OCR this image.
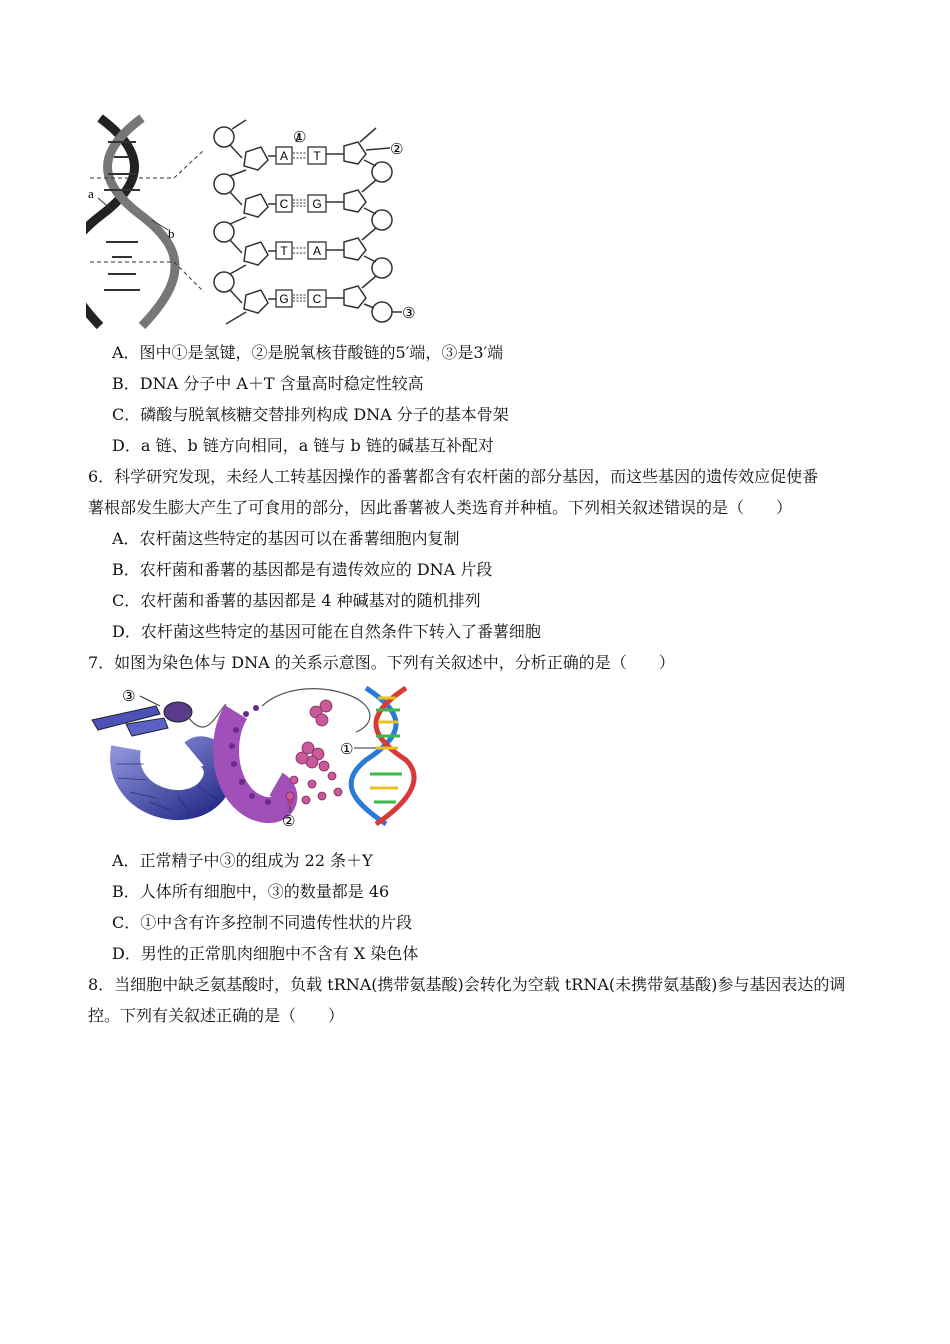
a
b
A T
C G
T A
G C
①
②
③
A．图中①是氢键，②是脱氧核苷酸链的5′端，③是3′端
B．DNA 分子中 A＋T 含量高时稳定性较高
C．磷酸与脱氧核糖交替排列构成 DNA 分子的基本骨架
D．a 链、b 链方向相同，a 链与 b 链的碱基互补配对
6．科学研究发现，未经人工转基因操作的番薯都含有农杆菌的部分基因，而这些基因的遗传效应促使番
薯根部发生膨大产生了可食用的部分，因此番薯被人类选育并种植。下列相关叙述错误的是（　　）
A．农杆菌这些特定的基因可以在番薯细胞内复制
B．农杆菌和番薯的基因都是有遗传效应的 DNA 片段
C．农杆菌和番薯的基因都是 4 种碱基对的随机排列
D．农杆菌这些特定的基因可能在自然条件下转入了番薯细胞
7．如图为染色体与 DNA 的关系示意图。下列有关叙述中，分析正确的是（　　）
③
②
①
A．正常精子中③的组成为 22 条＋Y
B．人体所有细胞中，③的数量都是 46
C．①中含有许多控制不同遗传性状的片段
D．男性的正常肌肉细胞中不含有 X 染色体
8．当细胞中缺乏氨基酸时，负载 tRNA(携带氨基酸)会转化为空载 tRNA(未携带氨基酸)参与基因表达的调
控。下列有关叙述正确的是（　　）
